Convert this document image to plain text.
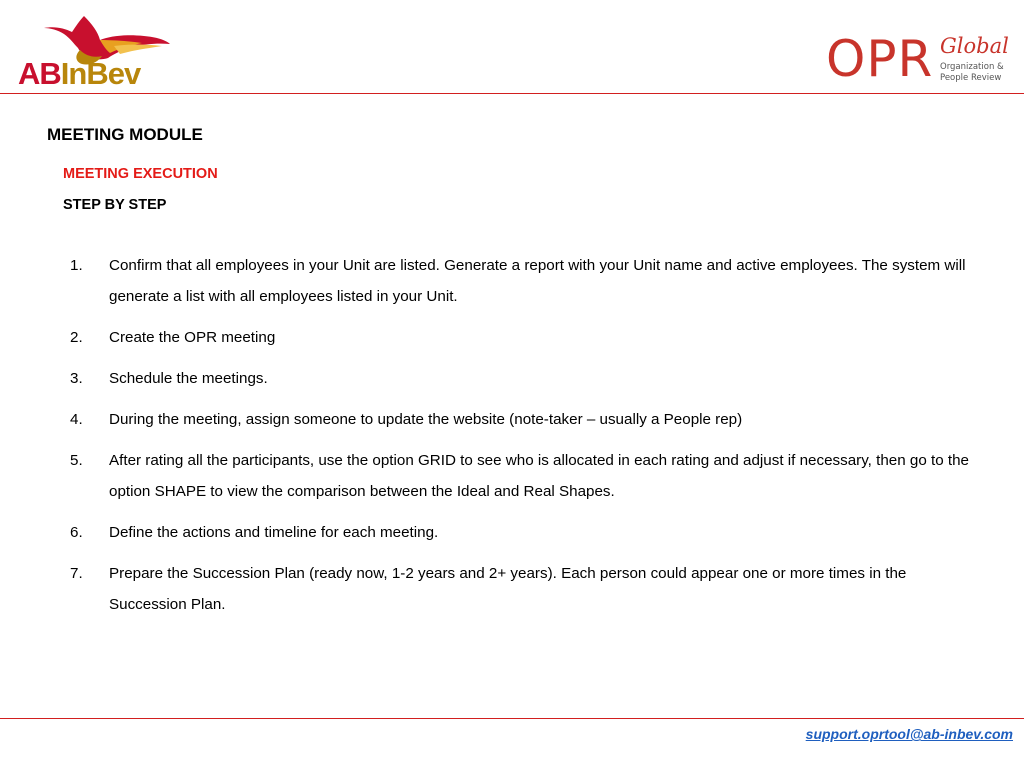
ABInBev	OPR Global
Organization &
People Review
MEETING MODULE
MEETING EXECUTION
STEP BY STEP
1. Confirm that all employees in your Unit are listed. Generate a report with your Unit name and active employees. The system will generate a list with all employees listed in your Unit.
2. Create the OPR meeting
3. Schedule the meetings.
4. During the meeting, assign someone to update the website (note-taker – usually a People rep)
5. After rating all the participants, use the option GRID to see who is allocated in each rating and adjust if necessary, then go to the option SHAPE to view the comparison between the Ideal and Real Shapes.
6. Define the actions and timeline for each meeting.
7. Prepare the Succession Plan (ready now, 1-2 years and 2+ years). Each person could appear one or more times in the Succession Plan.
support.oprtool@ab-inbev.com
